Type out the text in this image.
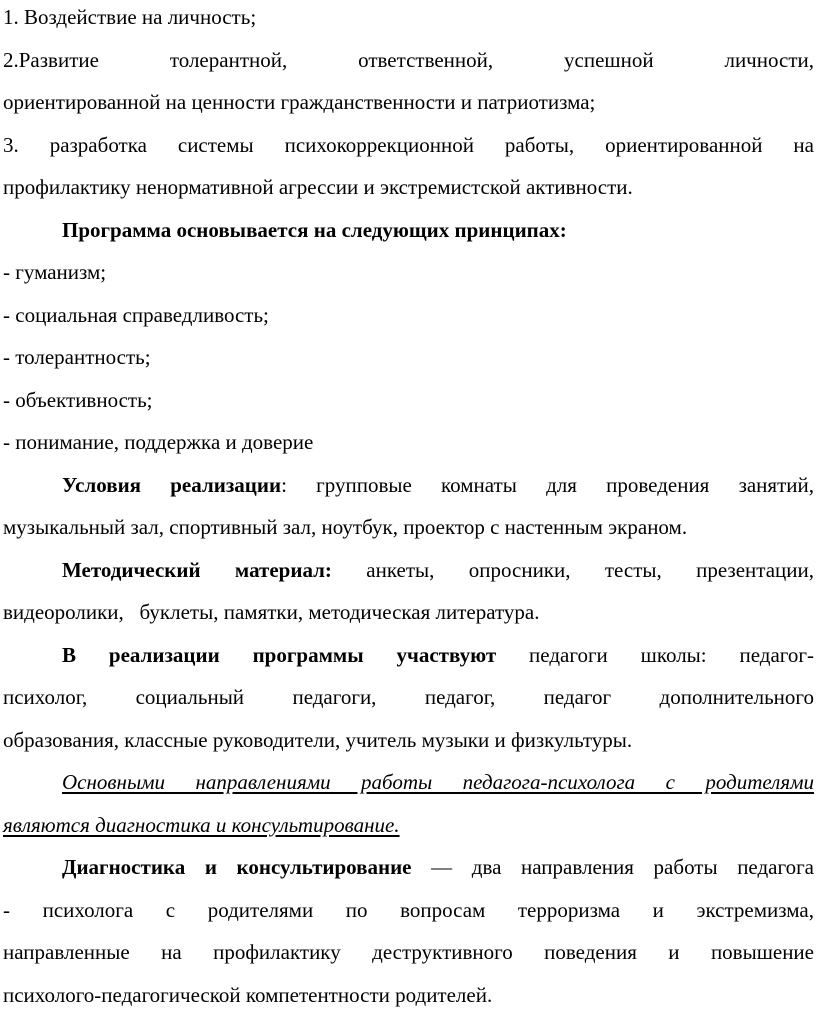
1. Воздействие на личность;
2.Развитие толерантной, ответственной, успешной личности,
ориентированной на ценности гражданственности и патриотизма;
3. разработка системы психокоррекционной работы, ориентированной на
профилактику ненормативной агрессии и экстремистской активности.
Программа основывается на следующих принципах:
- гуманизм;
- социальная справедливость;
- толерантность;
- объективность;
- понимание, поддержка и доверие
Условия реализации: групповые комнаты для проведения занятий,
музыкальный зал, спортивный зал, ноутбук, проектор с настенным экраном.
Методический материал: анкеты, опросники, тесты, презентации,
видеоролики,   буклеты, памятки, методическая литература.
В реализации программы участвуют педагоги школы: педагог-
психолог, социальный педагоги, педагог, педагог дополнительного
образования, классные руководители, учитель музыки и физкультуры.
Основными направлениями работы педагога-психолога с родителями
являются диагностика и консультирование.
Диагностика и консультирование — два направления работы педагога
- психолога с родителями по вопросам терроризма и экстремизма,
направленные на профилактику деструктивного поведения и повышение
психолого-педагогической компетентности родителей.
